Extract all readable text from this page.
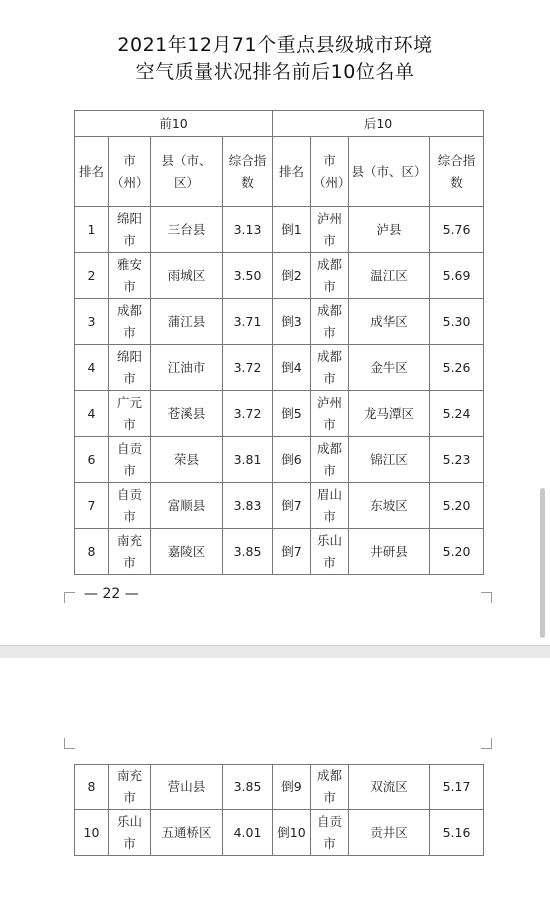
2021年12月71个重点县级城市环境
空气质量状况排名前后10位名单
前10				后10			
排名	市（州）	县（市、区）	综合指数	排名	市（州）	县（市、区）	综合指数
1	绵阳市	三台县	3.13	倒1	泸州市	泸县	5.76
2	雅安市	雨城区	3.50	倒2	成都市	温江区	5.69
3	成都市	蒲江县	3.71	倒3	成都市	成华区	5.30
4	绵阳市	江油市	3.72	倒4	成都市	金牛区	5.26
4	广元市	苍溪县	3.72	倒5	泸州市	龙马潭区	5.24
6	自贡市	荣县	3.81	倒6	成都市	锦江区	5.23
7	自贡市	富顺县	3.83	倒7	眉山市	东坡区	5.20
8	南充市	嘉陵区	3.85	倒7	乐山市	井研县	5.20
— 22 —
8	南充市	营山县	3.85	倒9	成都市	双流区	5.17
10	乐山市	五通桥区	4.01	倒10	自贡市	贡井区	5.16
